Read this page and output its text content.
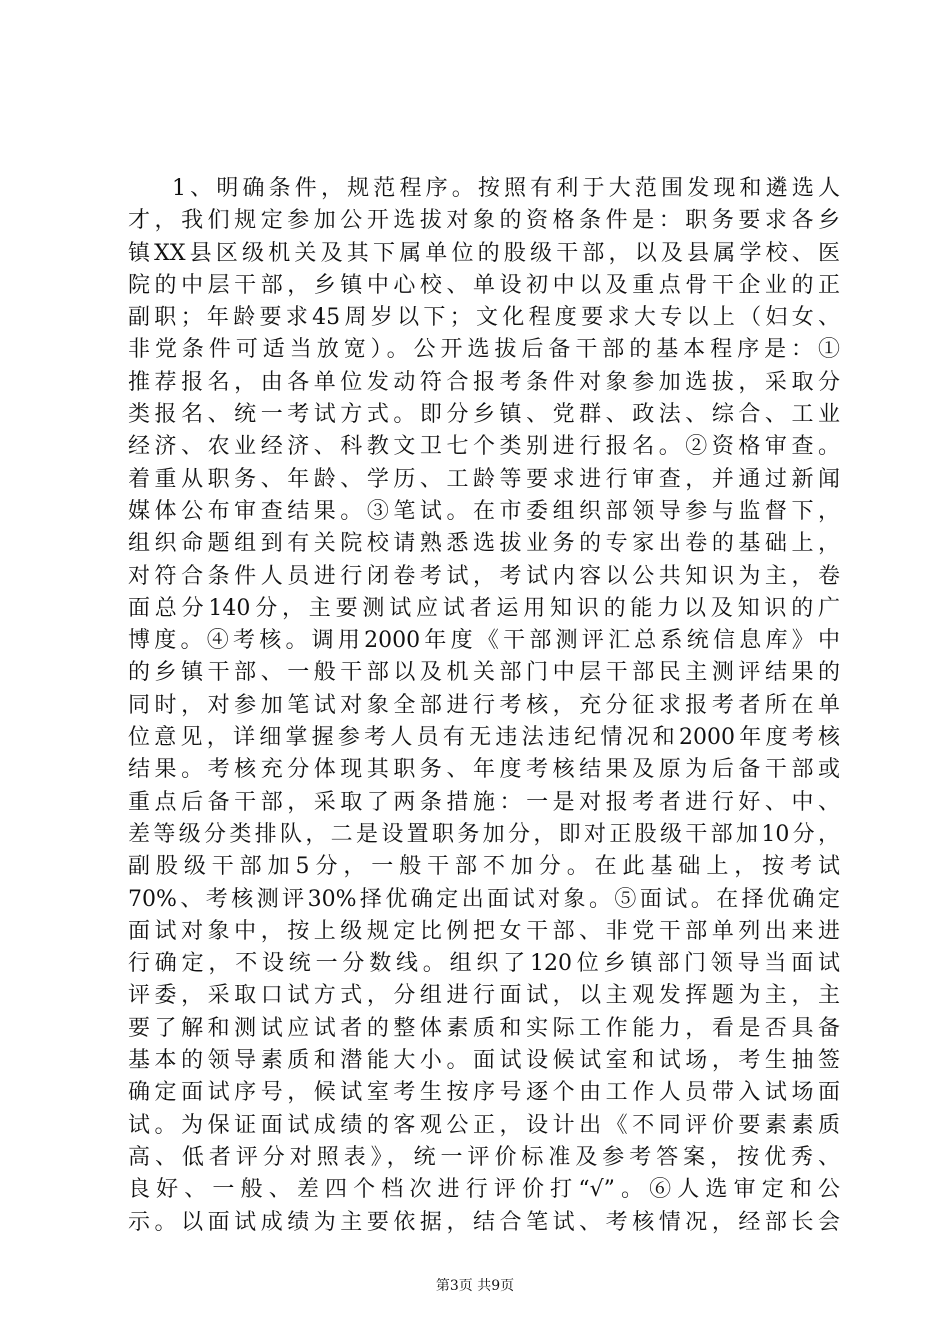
1、明确条件，规范程序。按照有利于大范围发现和遴选人
才，我们规定参加公开选拔对象的资格条件是：职务要求各乡
镇XX县区级机关及其下属单位的股级干部，以及县属学校、医
院的中层干部，乡镇中心校、单设初中以及重点骨干企业的正
副职；年龄要求45周岁以下；文化程度要求大专以上（妇女、
非党条件可适当放宽）。公开选拔后备干部的基本程序是：①
推荐报名，由各单位发动符合报考条件对象参加选拔，采取分
类报名、统一考试方式。即分乡镇、党群、政法、综合、工业
经济、农业经济、科教文卫七个类别进行报名。②资格审查。
着重从职务、年龄、学历、工龄等要求进行审查，并通过新闻
媒体公布审查结果。③笔试。在市委组织部领导参与监督下，
组织命题组到有关院校请熟悉选拔业务的专家出卷的基础上，
对符合条件人员进行闭卷考试，考试内容以公共知识为主，卷
面总分140分，主要测试应试者运用知识的能力以及知识的广
博度。④考核。调用2000年度《干部测评汇总系统信息库》中
的乡镇干部、一般干部以及机关部门中层干部民主测评结果的
同时，对参加笔试对象全部进行考核，充分征求报考者所在单
位意见，详细掌握参考人员有无违法违纪情况和2000年度考核
结果。考核充分体现其职务、年度考核结果及原为后备干部或
重点后备干部，采取了两条措施：一是对报考者进行好、中、
差等级分类排队，二是设置职务加分，即对正股级干部加10分，
副股级干部加5分，一般干部不加分。在此基础上，按考试
70%、考核测评30%择优确定出面试对象。⑤面试。在择优确定
面试对象中，按上级规定比例把女干部、非党干部单列出来进
行确定，不设统一分数线。组织了120位乡镇部门领导当面试
评委，采取口试方式，分组进行面试，以主观发挥题为主，主
要了解和测试应试者的整体素质和实际工作能力，看是否具备
基本的领导素质和潜能大小。面试设候试室和试场，考生抽签
确定面试序号，候试室考生按序号逐个由工作人员带入试场面
试。为保证面试成绩的客观公正，设计出《不同评价要素素质
高、低者评分对照表》，统一评价标准及参考答案，按优秀、
良好、一般、差四个档次进行评价打“√”。⑥人选审定和公
示。以面试成绩为主要依据，结合笔试、考核情况，经部长会
第3页 共9页
